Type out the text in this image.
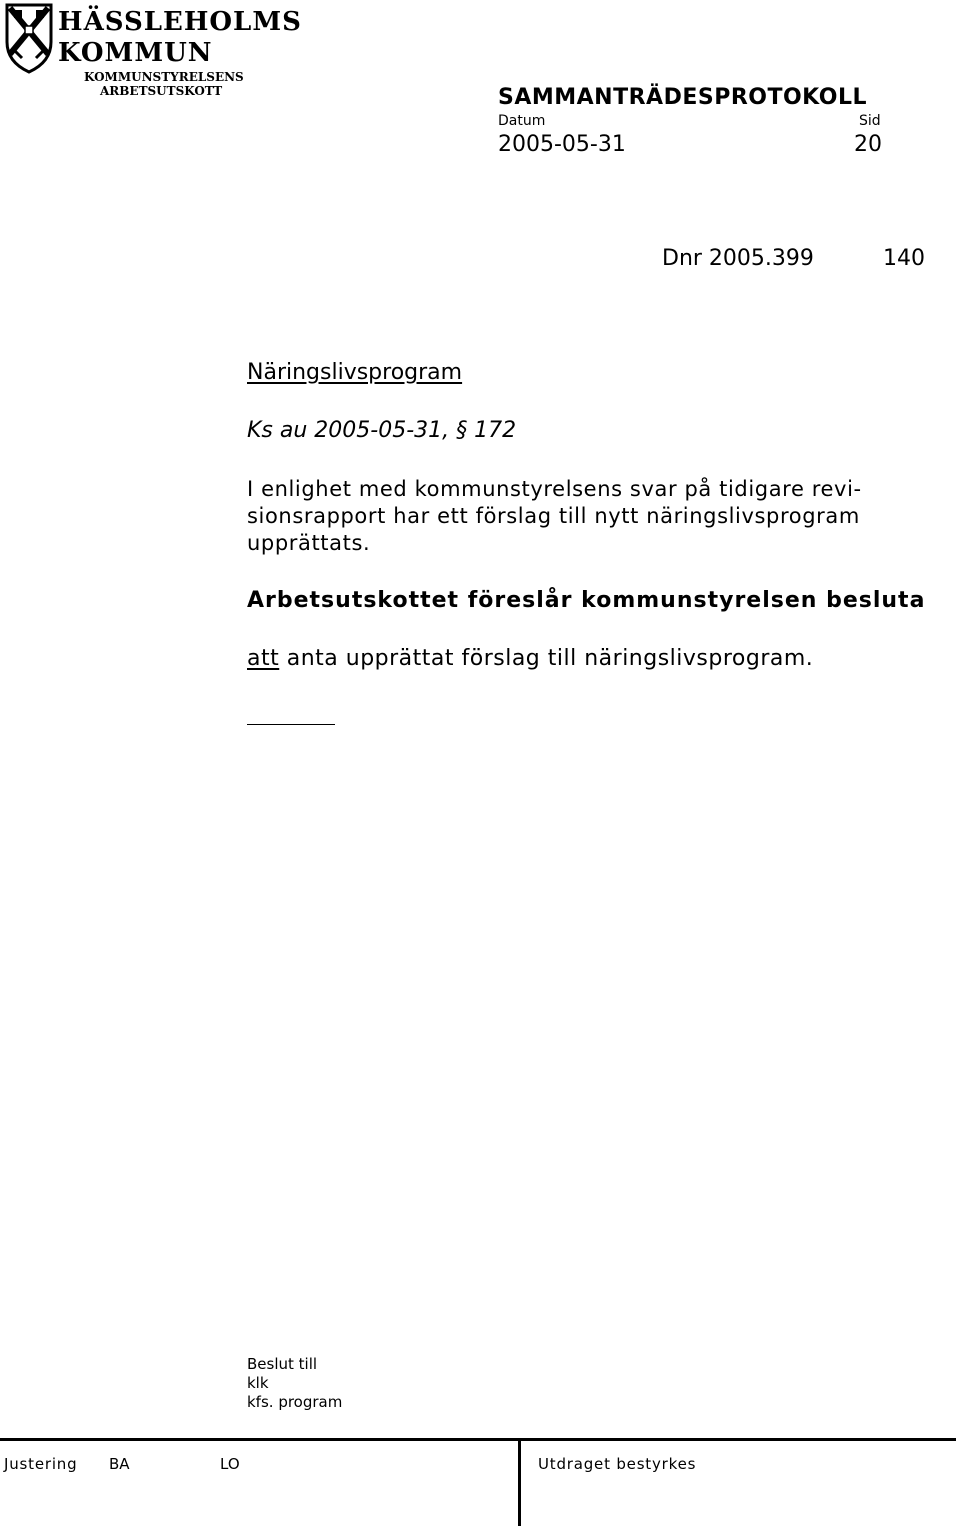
HÄSSLEHOLMS
KOMMUN
KOMMUNSTYRELSENS
ARBETSUTSKOTT	SAMMANTRÄDESPROTOKOLL
Datum	Sid
2005-05-31	20
Dnr 2005.399	140
Näringslivsprogram
Ks au 2005-05-31, § 172
I enlighet med kommunstyrelsens svar på tidigare revi-
sionsrapport har ett förslag till nytt näringslivsprogram
upprättats.
Arbetsutskottet föreslår kommunstyrelsen besluta
att anta upprättat förslag till näringslivsprogram.
Beslut till
klk
kfs. program
Justering BA	LO	Utdraget bestyrkes
